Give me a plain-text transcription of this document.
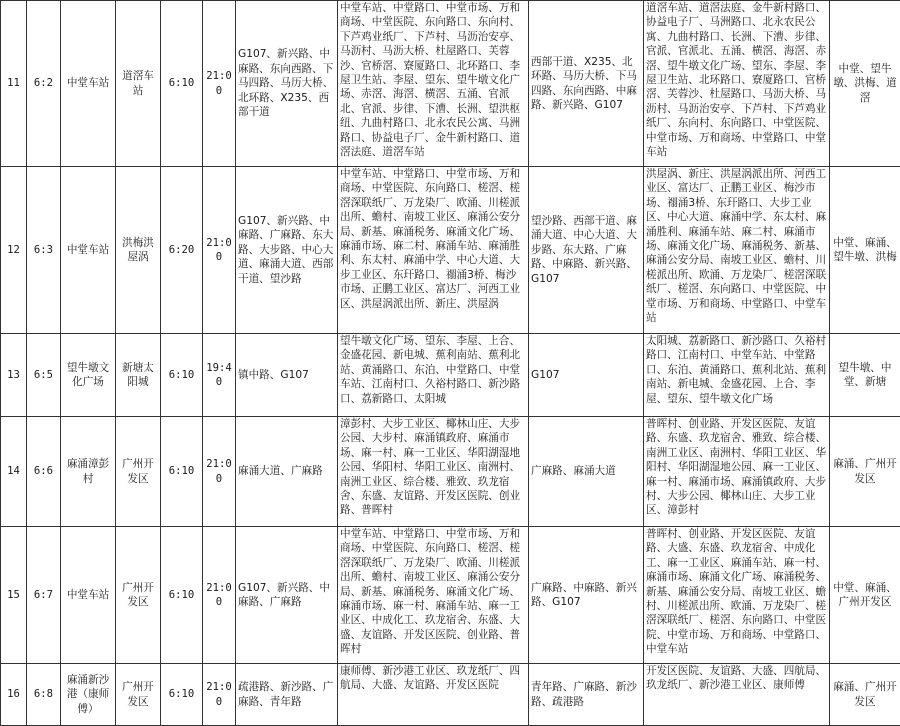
11	6:2	中堂车站	道滘车站	6:10	21:00	G107、新兴路、中麻路、东向西路、下马四路、马历大桥、北环路、X235、西部干道	中堂车站、中堂路口、中堂市场、万和商场、中堂医院、东向路口、东向村、下芦鸡业纸厂、下芦村、马沥治安亭、马沥村、马沥大桥、杜屋路口、芙蓉沙、官桥滘、寮厦路口、北环路口、李屋卫生站、李屋、望东、望牛墩文化广场、赤滘、海滘、横滘、五涌、官派北、官派、步律、下漕、长洲、望洪枢纽、九曲村路口、北永农民公寓、马洲路口、协益电子厂、金牛新村路口、道滘法庭、道滘车站	西部干道、X235、北环路、马历大桥、下马四路、东向西路、中麻路、新兴路、G107	道滘车站、道滘法庭、金牛新村路口、协益电子厂、马洲路口、北永农民公寓、九曲村路口、长洲、下漕、步律、官派、官派北、五涌、横滘、海滘、赤滘、望牛墩文化广场、望东、李屋、李屋卫生站、北环路口、寮厦路口、官桥滘、芙蓉沙、杜屋路口、马沥大桥、马沥村、马沥治安亭、下芦村、下芦鸡业纸厂、东向村、东向路口、中堂医院、中堂市场、万和商场、中堂路口、中堂车站	中堂、望牛墩、洪梅、道滘
12	6:3	中堂车站	洪梅洪屋涡	6:20	21:00	G107、新兴路、中麻路、广麻路、东大路、大步路、中心大道、麻涌大道、西部干道、望沙路	中堂车站、中堂路口、中堂市场、万和商场、中堂医院、东向路口、槎滘、槎滘深联纸厂、万龙染厂、欧涌、川槎派出所、蟾村、南坡工业区、麻涌公安分局、新基、麻涌税务、麻涌文化广场、麻涌市场、麻二村、麻涌车站、麻涌胜利、东太村、麻涌中学、中心大道、大步工业区、东玕路口、禤涌3桥、梅沙市场、正鹏工业区、富达厂、河西工业区、洪屋涡派出所、新庄、洪屋涡	望沙路、西部干道、麻涌大道、中心大道、大步路、东大路、广麻路、中麻路、新兴路、G107	洪屋涡、新庄、洪屋涡派出所、河西工业区、富达厂、正鹏工业区、梅沙市场、禤涌3桥、东玕路口、大步工业区、中心大道、麻涌中学、东太村、麻涌胜利、麻涌车站、麻二村、麻涌市场、麻涌文化广场、麻涌税务、新基、麻涌公安分局、南坡工业区、蟾村、川槎派出所、欧涌、万龙染厂、槎滘深联纸厂、槎滘、东向路口、中堂医院、中堂市场、万和商场、中堂路口、中堂车站	中堂、麻涌、望牛墩、洪梅
13	6:5	望牛墩文化广场	新塘太阳城	6:10	19:40	镇中路、G107	望牛墩文化广场、望东、李屋、上合、金盛花园、新电城、蕉利南站、蕉利北站、黄涌路口、东泊、中堂路口、中堂车站、江南村口、久裕村路口、新沙路口、荔新路口、太阳城	G107	太阳城、荔新路口、新沙路口、久裕村路口、江南村口、中堂车站、中堂路口、东泊、黄涌路口、蕉利北站、蕉利南站、新电城、金盛花园、上合、李屋、望东、望牛墩文化广场	望牛墩、中堂、新塘
14	6:6	麻涌漳彭村	广州开发区	6:10	21:00	麻涌大道、广麻路	漳彭村、大步工业区、椰林山庄、大步公园、大步村、麻涌镇政府、麻涌市场、麻一村、麻一工业区、华阳湖湿地公园、华阳村、华阳工业区、南洲村、南洲工业区、综合楼、雅致、玖龙宿舍、东盛、友谊路、开发区医院、创业路、普晖村	广麻路、麻涌大道	普晖村、创业路、开发区医院、友谊路、东盛、玖龙宿舍、雅致、综合楼、南洲工业区、南洲村、华阳工业区、华阳村、华阳湖湿地公园、麻一工业区、麻一村、麻涌市场、麻涌镇政府、大步村、大步公园、椰林山庄、大步工业区、漳彭村	麻涌、广州开发区
15	6:7	中堂车站	广州开发区	6:10	21:00	G107、新兴路、中麻路、广麻路	中堂车站、中堂路口、中堂市场、万和商场、中堂医院、东向路口、槎滘、槎滘深联纸厂、万龙染厂、欧涌、川槎派出所、蟾村、南坡工业区、麻涌公安分局、新基、麻涌税务、麻涌文化广场、麻涌市场、麻一村、麻涌车站、麻一工业区、中成化工、玖龙宿舍、东盛、大盛、友谊路、开发区医院、创业路、普晖村	广麻路、中麻路、新兴路、G107	普晖村、创业路、开发区医院、友谊路、大盛、东盛、玖龙宿舍、中成化工、麻一工业区、麻涌车站、麻一村、麻涌市场、麻涌文化广场、麻涌税务、新基、麻涌公安分局、南坡工业区、蟾村、川槎派出所、欧涌、万龙染厂、槎滘深联纸厂、槎滘、东向路口、中堂医院、中堂市场、万和商场、中堂路口、中堂车站	中堂、麻涌、广州开发区
16	6:8	麻涌新沙港（康师傅）	广州开发区	6:10	21:00	疏港路、新沙路、广麻路、青年路	康师傅、新沙港工业区、玖龙纸厂、四航局、大盛、友谊路、开发区医院	青年路、广麻路、新沙路、疏港路	开发区医院、友谊路、大盛、四航局、玖龙纸厂、新沙港工业区、康师傅	麻涌、广州开发区
